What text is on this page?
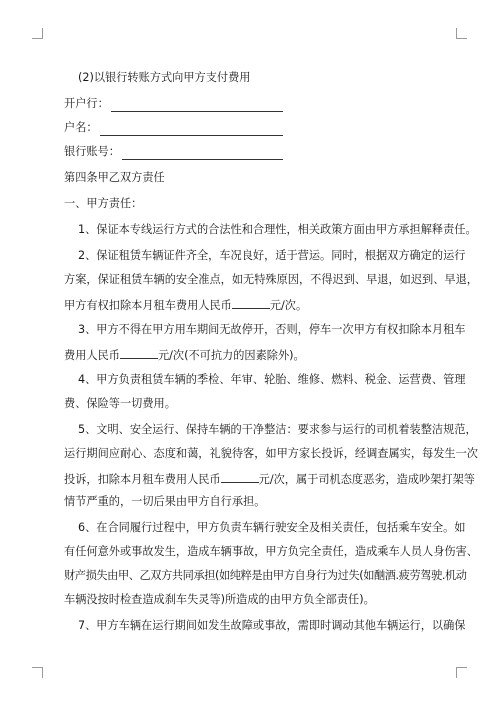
(2)以银行转账方式向甲方支付费用
开户行：
户名：
银行账号：
第四条甲乙双方责任
一、甲方责任：
1、保证本专线运行方式的合法性和合理性，相关政策方面由甲方承担解释责任。
2、保证租赁车辆证件齐全，车况良好，适于营运。同时，根据双方确定的运行
方案，保证租赁车辆的安全准点，如无特殊原因，不得迟到、早退，如迟到、早退，
甲方有权扣除本月租车费用人民币	元/次。
3、甲方不得在甲方用车期间无故停开，否则，停车一次甲方有权扣除本月租车
费用人民币	元/次(不可抗力的因素除外)。
4、甲方负责租赁车辆的季检、年审、轮胎、维修、燃料、税金、运营费、管理
费、保险等一切费用。
5、文明、安全运行、保持车辆的干净整洁：要求参与运行的司机着装整洁规范，
运行期间应耐心、态度和蔼，礼貌待客，如甲方家长投诉，经调查属实，每发生一次
投诉，扣除本月租车费用人民币	元/次，属于司机态度恶劣，造成吵架打架等
情节严重的，一切后果由甲方自行承担。
6、在合同履行过程中，甲方负责车辆行驶安全及相关责任，包括乘车安全。如
有任何意外或事故发生，造成车辆事故，甲方负完全责任，造成乘车人员人身伤害、
财产损失由甲、乙双方共同承担(如纯粹是由甲方自身行为过失(如酗酒.疲劳驾驶.机动
车辆没按时检查造成刹车失灵等)所造成的由甲方负全部责任)。
7、甲方车辆在运行期间如发生故障或事故，需即时调动其他车辆运行，以确保
